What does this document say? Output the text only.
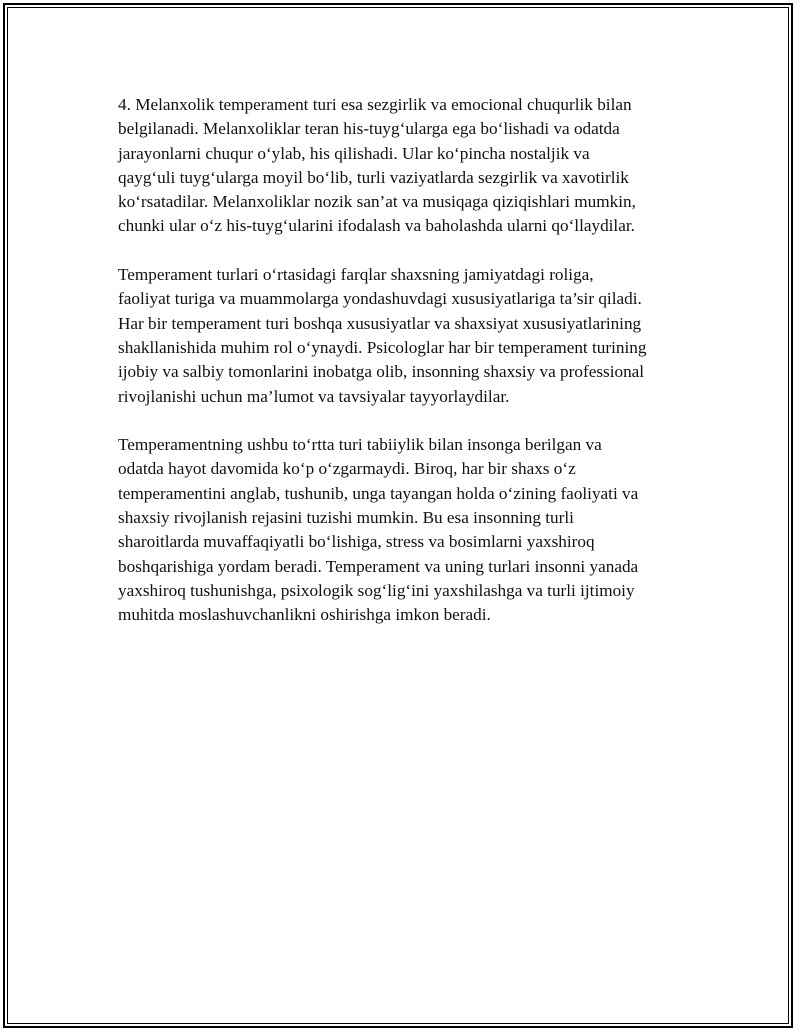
4. Melanxolik temperament turi esa sezgirlik va emocional chuqurlik bilan
belgilanadi. Melanxoliklar teran his-tuyg‘ularga ega bo‘lishadi va odatda
jarayonlarni chuqur o‘ylab, his qilishadi. Ular ko‘pincha nostaljik va
qayg‘uli tuyg‘ularga moyil bo‘lib, turli vaziyatlarda sezgirlik va xavotirlik
ko‘rsatadilar. Melanxoliklar nozik san’at va musiqaga qiziqishlari mumkin,
chunki ular o‘z his-tuyg‘ularini ifodalash va baholashda ularni qo‘llaydilar.

Temperament turlari o‘rtasidagi farqlar shaxsning jamiyatdagi roliga,
faoliyat turiga va muammolarga yondashuvdagi xususiyatlariga ta’sir qiladi.
Har bir temperament turi boshqa xususiyatlar va shaxsiyat xususiyatlarining
shakllanishida muhim rol o‘ynaydi. Psicologlar har bir temperament turining
ijobiy va salbiy tomonlarini inobatga olib, insonning shaxsiy va professional
rivojlanishi uchun ma’lumot va tavsiyalar tayyorlaydilar.

Temperamentning ushbu to‘rtta turi tabiiylik bilan insonga berilgan va
odatda hayot davomida ko‘p o‘zgarmaydi. Biroq, har bir shaxs o‘z
temperamentini anglab, tushunib, unga tayangan holda o‘zining faoliyati va
shaxsiy rivojlanish rejasini tuzishi mumkin. Bu esa insonning turli
sharoitlarda muvaffaqiyatli bo‘lishiga, stress va bosimlarni yaxshiroq
boshqarishiga yordam beradi. Temperament va uning turlari insonni yanada
yaxshiroq tushunishga, psixologik sog‘lig‘ini yaxshilashga va turli ijtimoiy
muhitda moslashuvchanlikni oshirishga imkon beradi.
